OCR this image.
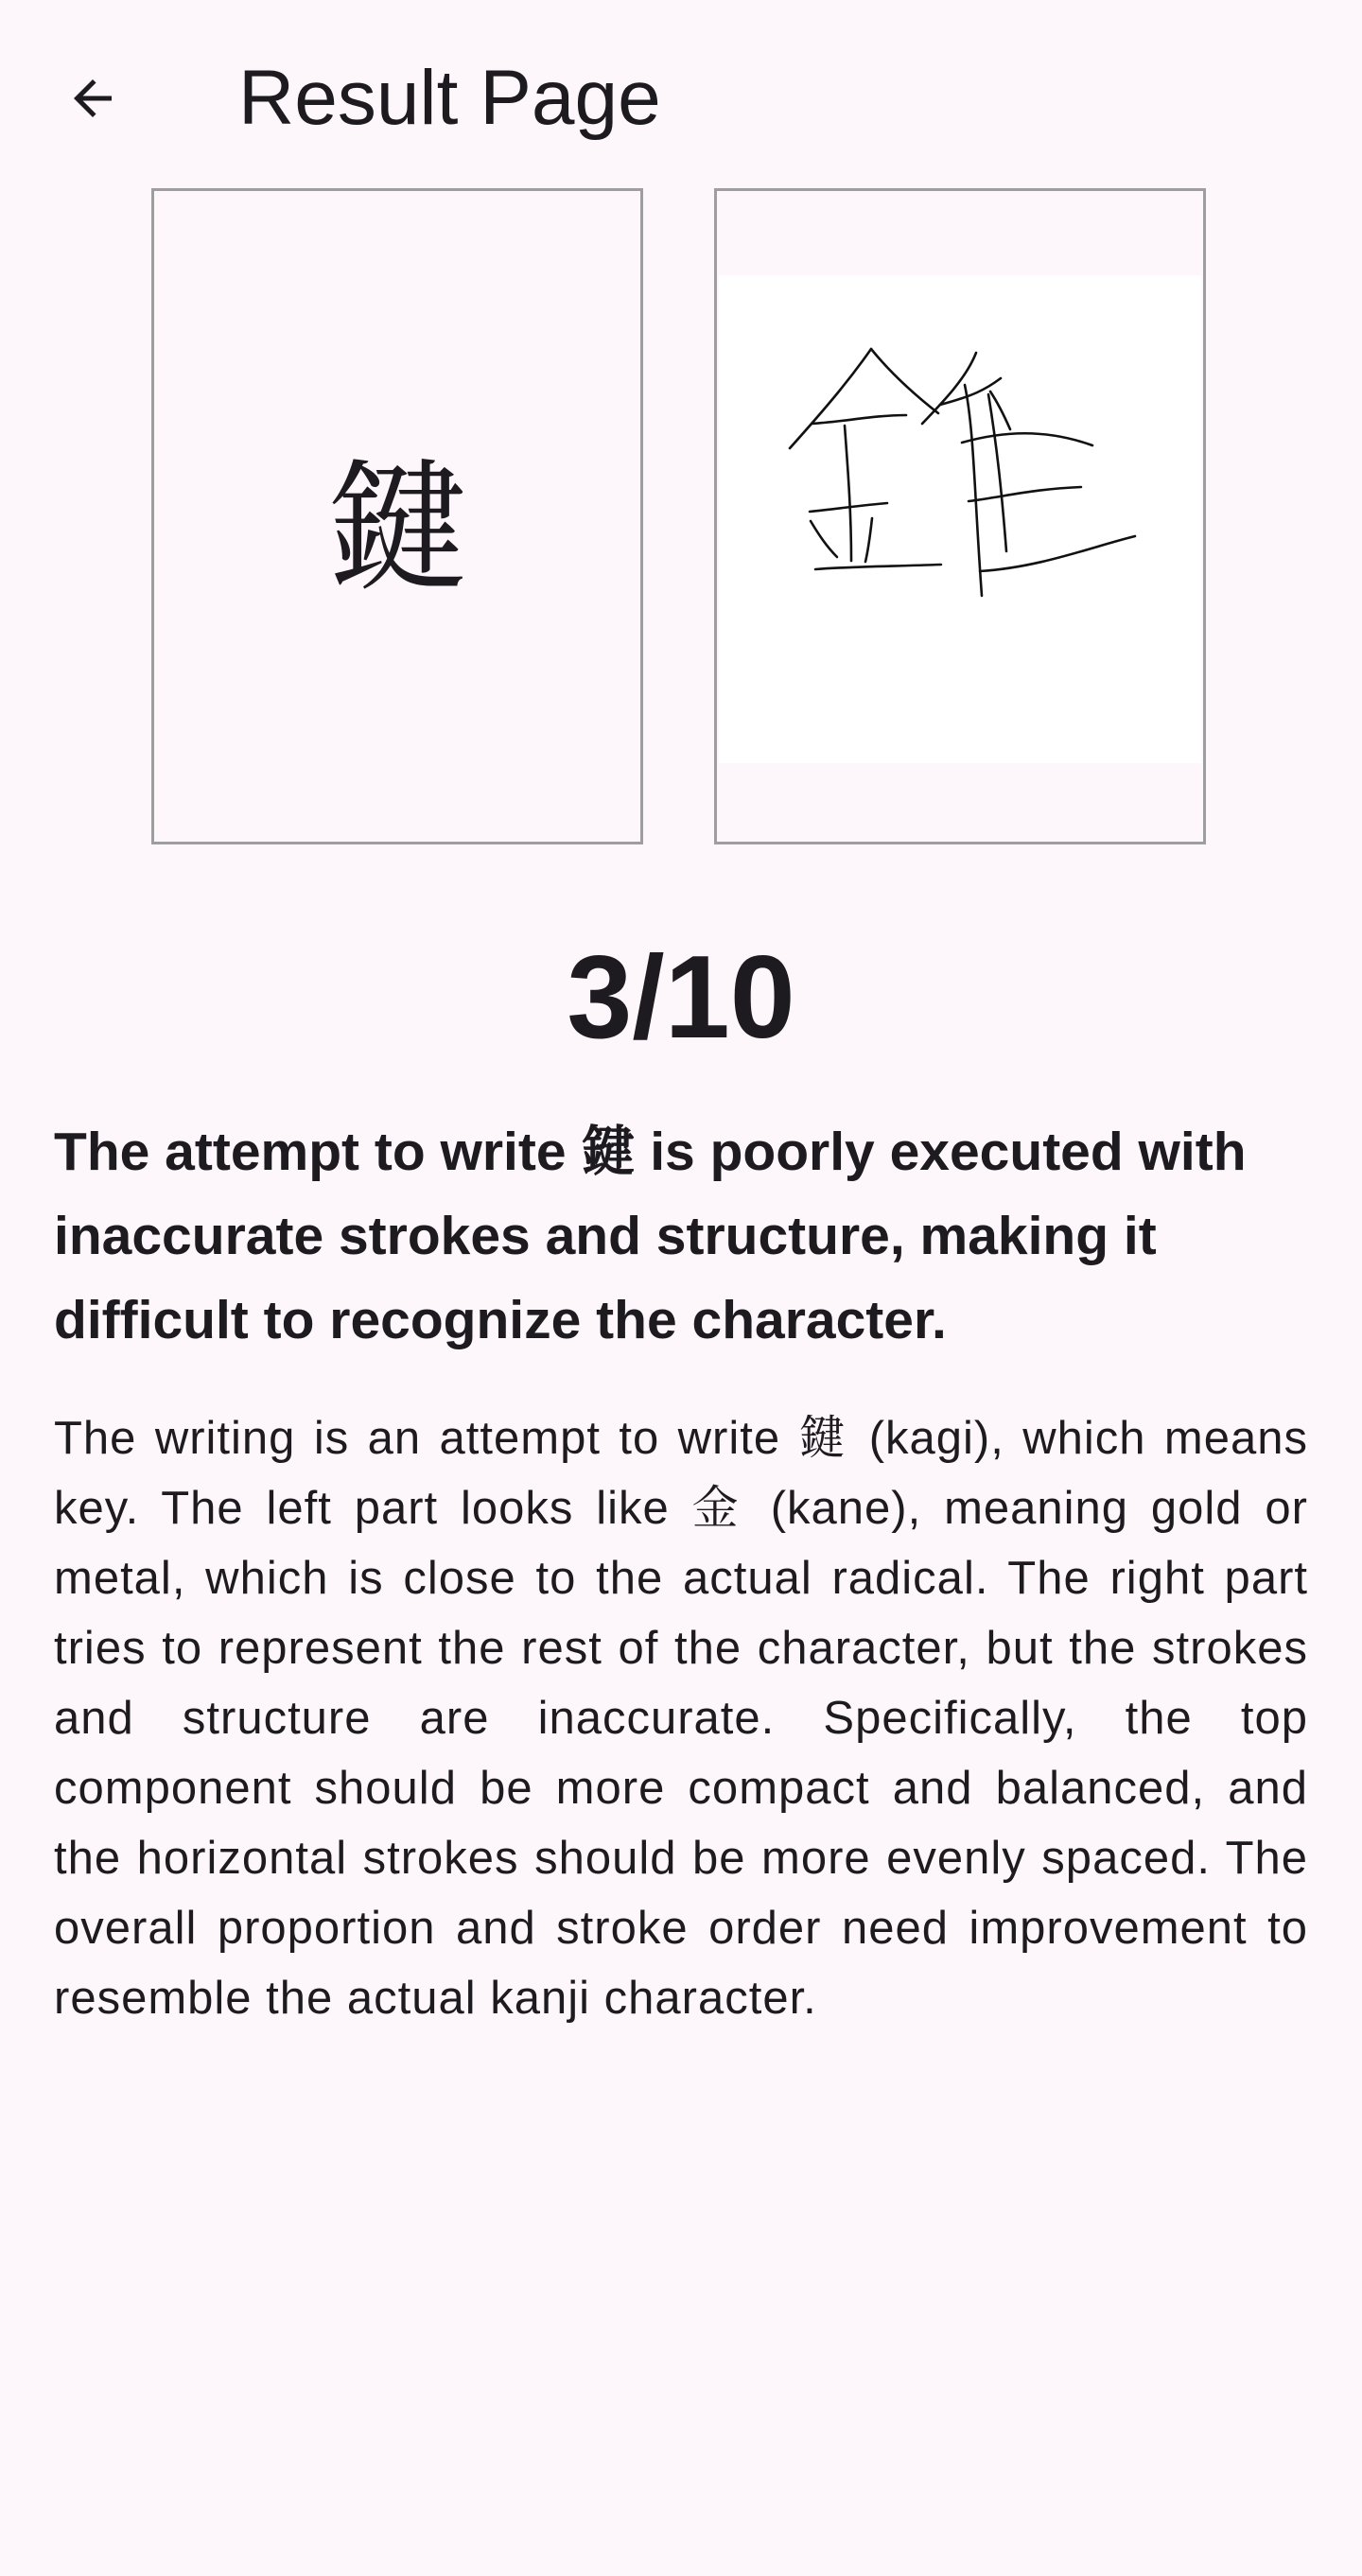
Result Page
鍵
3/10

The attempt to write 鍵 is poorly executed with inaccurate strokes and structure, making it difficult to recognize the character.

The writing is an attempt to write 鍵 (kagi), which means key. The left part looks like 金 (kane), meaning gold or metal, which is close to the actual radical. The right part tries to represent the rest of the character, but the strokes and structure are inaccurate. Specifically, the top component should be more compact and balanced, and the horizontal strokes should be more evenly spaced. The overall proportion and stroke order need improvement to resemble the actual kanji character.
